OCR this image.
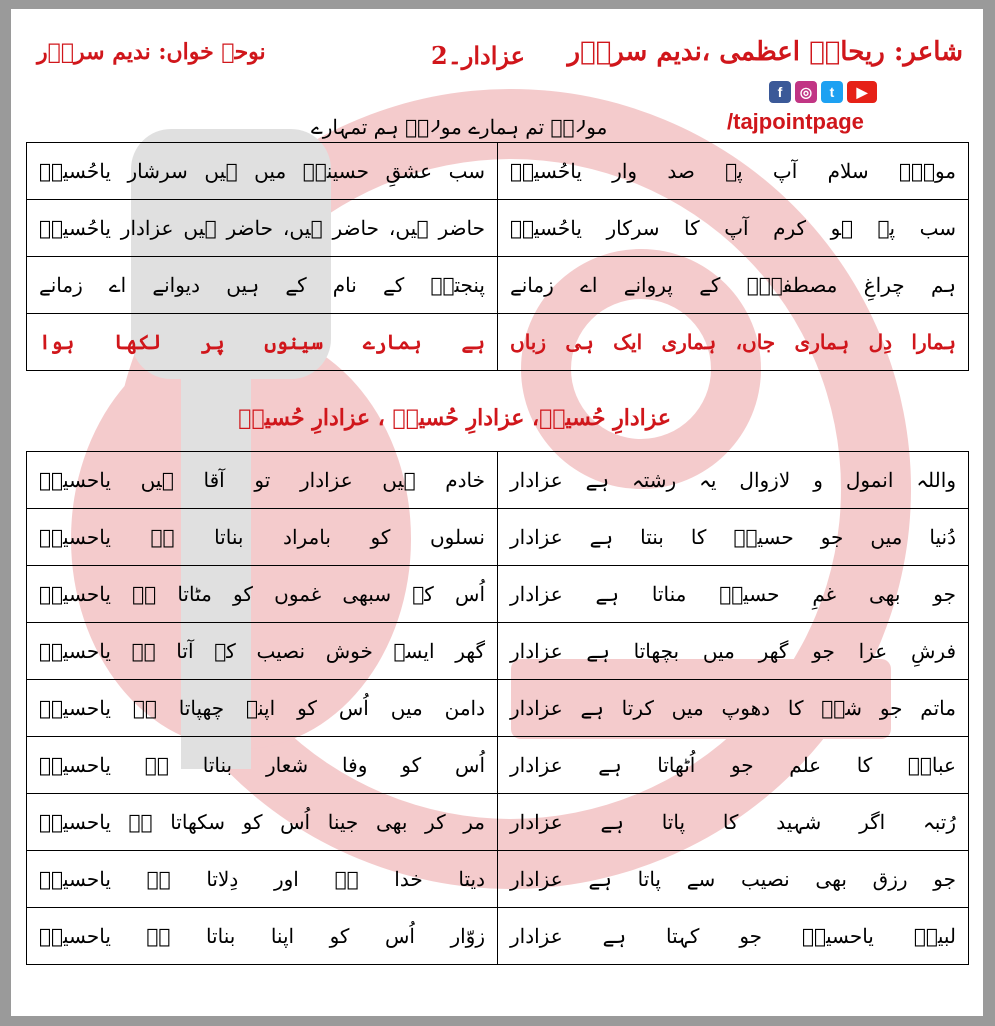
شاعر: ریحانؔ اعظمی ،ندیم سروؔر
عزادار۔2
نوحہ خواں: ندیم سروؔر
f	◎	t	▶
/tajpointpage
مولاؑ تم ہمارے مولاؑ ہم تمہارے
مولاؑ سلام آپ پہ صد وار یاحُسینؑ	سب عشقِ حسینیؑ میں ہیں سرشار یاحُسینؑ
سب پہ ہو کرم آپ کا سرکار یاحُسینؑ	حاضر ہیں، حاضر ہیں، حاضر ہیں عزادار یاحُسینؑ
ہم چراغِ مصطفیٰؐ کے پروانے اے زمانے	پنجتنؑ کے نام کے ہیں دیوانے اے زمانے
ہمارا دِل ہماری جاں، ہماری ایک ہی زباں	ہے ہمارے سینوں پر لکھا ہوا
عزادارِ حُسینؑ، عزادارِ حُسینؑ ، عزادارِ حُسینؑ
واللہ انمول و لازوال یہ رشتہ ہے عزادار	خادم ہیں عزادار تو آقا ہیں یاحسینؑ
دُنیا میں جو حسینؑ کا بنتا ہے عزادار	نسلوں کو بامراد بناتا ہے یاحسینؑ
جو بھی غمِ حسینؑ مناتا ہے عزادار	اُس کے سبھی غموں کو مٹاتا ہے یاحسینؑ
فرشِ عزا جو گھر میں بچھاتا ہے عزادار	گھر ایسے خوش نصیب کے آتا ہے یاحسینؑ
ماتم جو شہؑ کا دھوپ میں کرتا ہے عزادار	دامن میں اُس کو اپنے چھپاتا ہے یاحسینؑ
عباسؑ کا علم جو اُٹھاتا ہے عزادار	اُس کو وفا شعار بناتا ہے یاحسینؑ
رُتبہ اگر شہید کا پاتا ہے عزادار	مر کر بھی جینا اُس کو سکھاتا ہے یاحسینؑ
جو رزق بھی نصیب سے پاتا ہے عزادار	دیتا خدا ہے اور دِلاتا ہے یاحسینؑ
لبیکؑ یاحسینؑ جو کہتا ہے عزادار	زوّار اُس کو اپنا بناتا ہے یاحسینؑ
